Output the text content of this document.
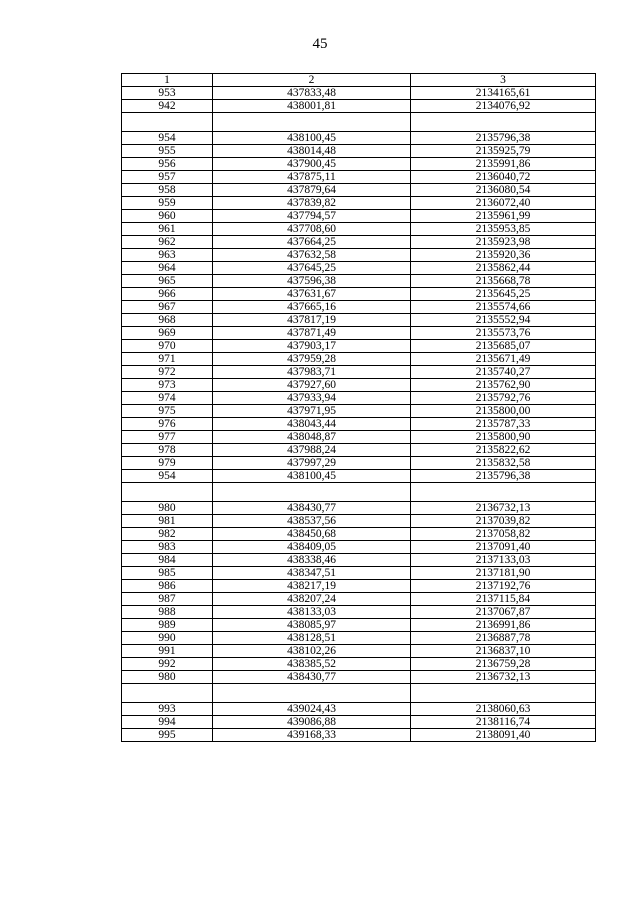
45
1	2	3
953	437833,48	2134165,61
942	438001,81	2134076,92

954	438100,45	2135796,38
955	438014,48	2135925,79
956	437900,45	2135991,86
957	437875,11	2136040,72
958	437879,64	2136080,54
959	437839,82	2136072,40
960	437794,57	2135961,99
961	437708,60	2135953,85
962	437664,25	2135923,98
963	437632,58	2135920,36
964	437645,25	2135862,44
965	437596,38	2135668,78
966	437631,67	2135645,25
967	437665,16	2135574,66
968	437817,19	2135552,94
969	437871,49	2135573,76
970	437903,17	2135685,07
971	437959,28	2135671,49
972	437983,71	2135740,27
973	437927,60	2135762,90
974	437933,94	2135792,76
975	437971,95	2135800,00
976	438043,44	2135787,33
977	438048,87	2135800,90
978	437988,24	2135822,62
979	437997,29	2135832,58
954	438100,45	2135796,38

980	438430,77	2136732,13
981	438537,56	2137039,82
982	438450,68	2137058,82
983	438409,05	2137091,40
984	438338,46	2137133,03
985	438347,51	2137181,90
986	438217,19	2137192,76
987	438207,24	2137115,84
988	438133,03	2137067,87
989	438085,97	2136991,86
990	438128,51	2136887,78
991	438102,26	2136837,10
992	438385,52	2136759,28
980	438430,77	2136732,13

993	439024,43	2138060,63
994	439086,88	2138116,74
995	439168,33	2138091,40
